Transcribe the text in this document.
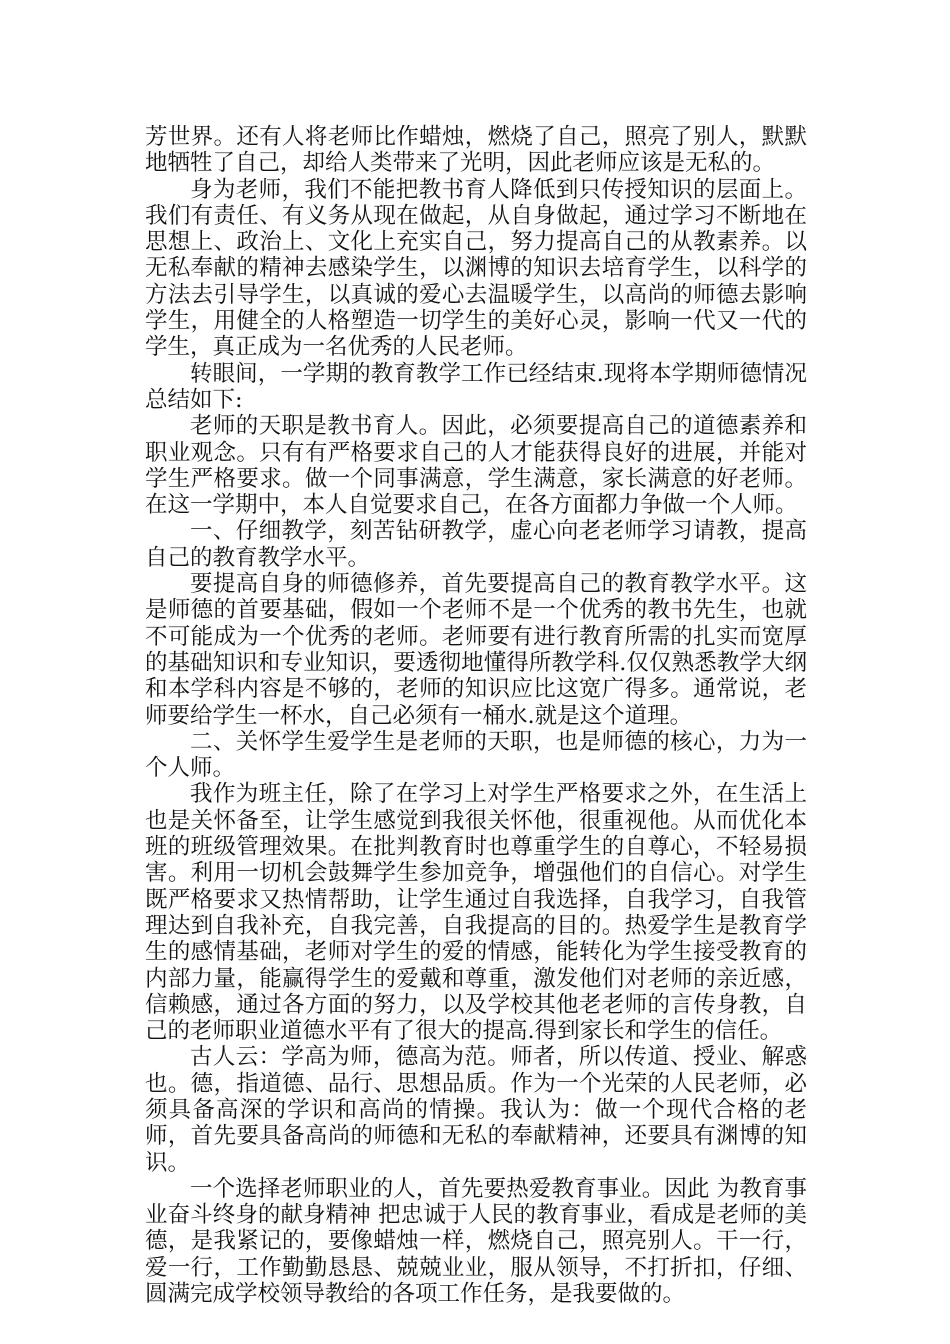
芳世界。还有人将老师比作蜡烛，燃烧了自己，照亮了别人，默默地牺牲了自己，却给人类带来了光明，因此老师应该是无私的。

身为老师，我们不能把教书育人降低到只传授知识的层面上。我们有责任、有义务从现在做起，从自身做起，通过学习不断地在思想上、政治上、文化上充实自己，努力提高自己的从教素养。以无私奉献的精神去感染学生，以渊博的知识去培育学生，以科学的方法去引导学生，以真诚的爱心去温暖学生，以高尚的师德去影响学生，用健全的人格塑造一切学生的美好心灵，影响一代又一代的学生，真正成为一名优秀的人民老师。

转眼间，一学期的教育教学工作已经结束.现将本学期师德情况总结如下:

老师的天职是教书育人。因此，必须要提高自己的道德素养和职业观念。只有有严格要求自己的人才能获得良好的进展，并能对学生严格要求。做一个同事满意，学生满意，家长满意的好老师。在这一学期中，本人自觉要求自己，在各方面都力争做一个人师。

一、仔细教学，刻苦钻研教学，虚心向老老师学习请教，提高自己的教育教学水平。

要提高自身的师德修养，首先要提高自己的教育教学水平。这是师德的首要基础，假如一个老师不是一个优秀的教书先生，也就不可能成为一个优秀的老师。老师要有进行教育所需的扎实而宽厚的基础知识和专业知识，要透彻地懂得所教学科.仅仅熟悉教学大纲和本学科内容是不够的，老师的知识应比这宽广得多。通常说，老师要给学生一杯水，自己必须有一桶水.就是这个道理。

二、关怀学生爱学生是老师的天职，也是师德的核心，力为一个人师。

我作为班主任，除了在学习上对学生严格要求之外，在生活上也是关怀备至，让学生感觉到我很关怀他，很重视他。从而优化本班的班级管理效果。在批判教育时也尊重学生的自尊心，不轻易损害。利用一切机会鼓舞学生参加竞争，增强他们的自信心。对学生既严格要求又热情帮助，让学生通过自我选择，自我学习，自我管理达到自我补充，自我完善，自我提高的目的。热爱学生是教育学生的感情基础，老师对学生的爱的情感，能转化为学生接受教育的内部力量，能赢得学生的爱戴和尊重，激发他们对老师的亲近感，信赖感，通过各方面的努力，以及学校其他老老师的言传身教，自己的老师职业道德水平有了很大的提高.得到家长和学生的信任。

古人云：学高为师，德高为范。师者，所以传道、授业、解惑也。德，指道德、品行、思想品质。作为一个光荣的人民老师，必须具备高深的学识和高尚的情操。我认为：做一个现代合格的老师，首先要具备高尚的师德和无私的奉献精神，还要具有渊博的知识。

一个选择老师职业的人，首先要热爱教育事业。因此 为教育事业奋斗终身的献身精神 把忠诚于人民的教育事业，看成是老师的美德，是我紧记的，要像蜡烛一样，燃烧自己，照亮别人。干一行，爱一行，工作勤勤恳恳、兢兢业业，服从领导，不打折扣，仔细、圆满完成学校领导教给的各项工作任务，是我要做的。
